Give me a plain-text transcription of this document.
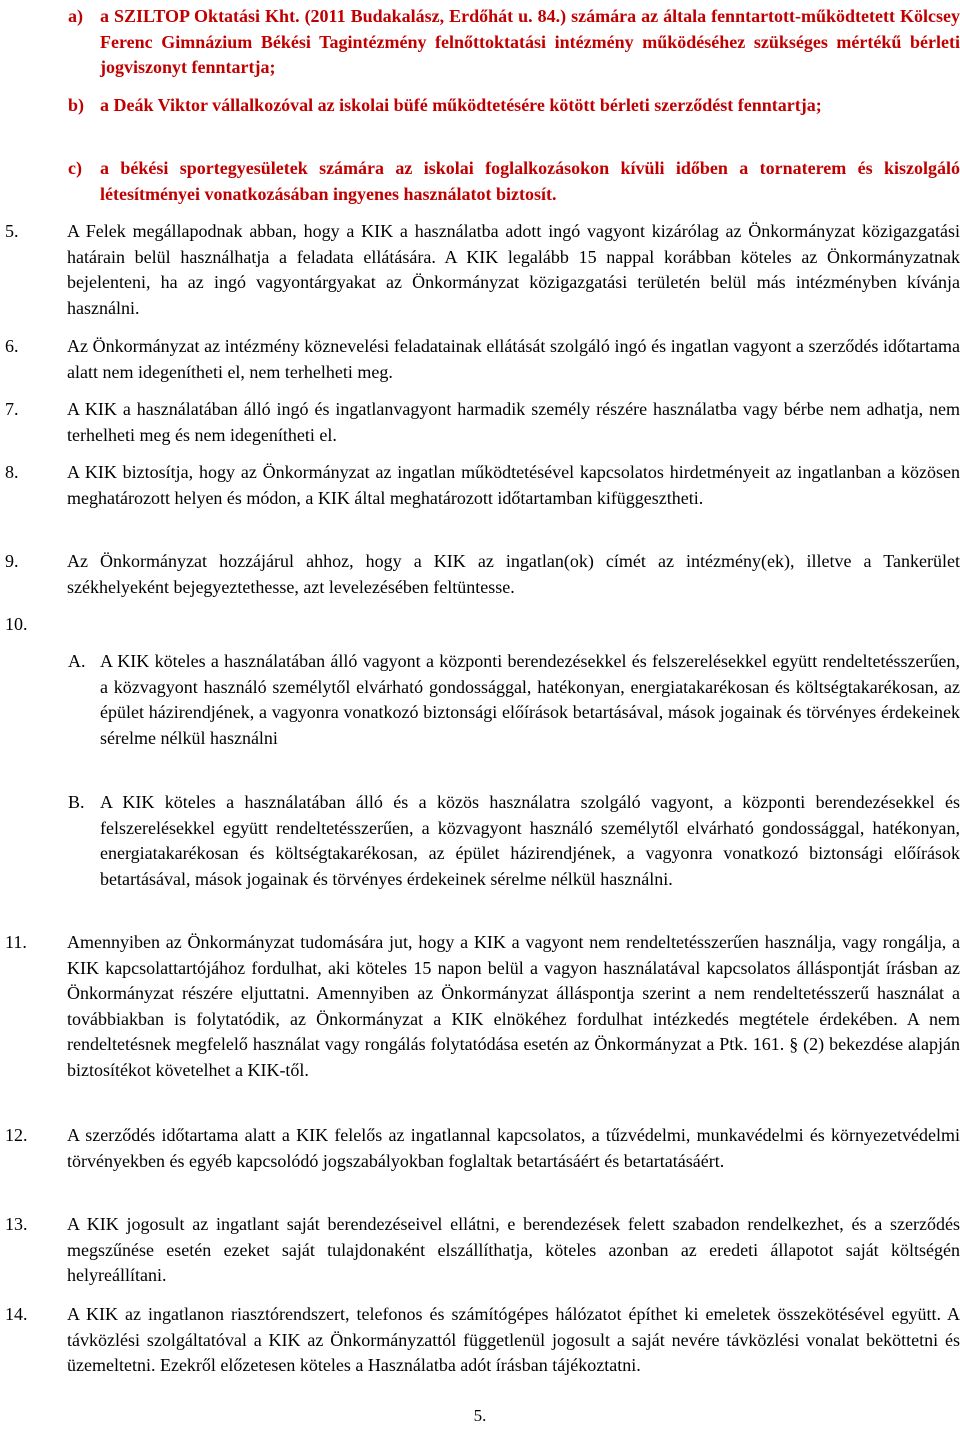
a) a SZILTOP Oktatási Kht. (2011 Budakalász, Erdőhát u. 84.) számára az általa fenntartott-működtetett Kölcsey Ferenc Gimnázium Békési Tagintézmény felnőttoktatási intézmény működéséhez szükséges mértékű bérleti jogviszonyt fenntartja;
b) a Deák Viktor vállalkozóval az iskolai büfé működtetésére kötött bérleti szerződést fenntartja;
c) a békési sportegyesületek számára az iskolai foglalkozásokon kívüli időben a tornaterem és kiszolgáló létesítményei vonatkozásában ingyenes használatot biztosít.
5.	A Felek megállapodnak abban, hogy a KIK a használatba adott ingó vagyont kizárólag az Önkormányzat közigazgatási határain belül használhatja a feladata ellátására. A KIK legalább 15 nappal korábban köteles az Önkormányzatnak bejelenteni, ha az ingó vagyontárgyakat az Önkormányzat közigazgatási területén belül más intézményben kívánja használni.
6.	Az Önkormányzat az intézmény köznevelési feladatainak ellátását szolgáló ingó és ingatlan vagyont a szerződés időtartama alatt nem idegenítheti el, nem terhelheti meg.
7.	A KIK a használatában álló ingó és ingatlanvagyont harmadik személy részére használatba vagy bérbe nem adhatja, nem terhelheti meg és nem idegenítheti el.
8.	A KIK biztosítja, hogy az Önkormányzat az ingatlan működtetésével kapcsolatos hirdetményeit az ingatlanban a közösen meghatározott helyen és módon, a KIK által meghatározott időtartamban kifüggesztheti.
9.	Az Önkormányzat hozzájárul ahhoz, hogy a KIK az ingatlan(ok) címét az intézmény(ek), illetve a Tankerület székhelyeként bejegyeztethesse, azt levelezésében feltüntesse.
10.
A. A KIK köteles a használatában álló vagyont a központi berendezésekkel és felszerelésekkel együtt rendeltetésszerűen, a közvagyont használó személytől elvárható gondossággal, hatékonyan, energiatakarékosan és költségtakarékosan, az épület házirendjének, a vagyonra vonatkozó biztonsági előírások betartásával, mások jogainak és törvényes érdekeinek sérelme nélkül használni
B. A KIK köteles a használatában álló és a közös használatra szolgáló vagyont, a központi berendezésekkel és felszerelésekkel együtt rendeltetésszerűen, a közvagyont használó személytől elvárható gondossággal, hatékonyan, energiatakarékosan és költségtakarékosan, az épület házirendjének, a vagyonra vonatkozó biztonsági előírások betartásával, mások jogainak és törvényes érdekeinek sérelme nélkül használni.
11. Amennyiben az Önkormányzat tudomására jut, hogy a KIK a vagyont nem rendeltetésszerűen használja, vagy rongálja, a KIK kapcsolattartójához fordulhat, aki köteles 15 napon belül a vagyon használatával kapcsolatos álláspontját írásban az Önkormányzat részére eljuttatni. Amennyiben az Önkormányzat álláspontja szerint a nem rendeltetésszerű használat a továbbiakban is folytatódik, az Önkormányzat a KIK elnökéhez fordulhat intézkedés megtétele érdekében. A nem rendeltetésnek megfelelő használat vagy rongálás folytatódása esetén az Önkormányzat a Ptk. 161. § (2) bekezdése alapján biztosítékot követelhet a KIK-től.
12. A szerződés időtartama alatt a KIK felelős az ingatlannal kapcsolatos, a tűzvédelmi, munkavédelmi és környezetvédelmi törvényekben és egyéb kapcsolódó jogszabályokban foglaltak betartásáért és betartatásáért.
13. A KIK jogosult az ingatlant saját berendezéseivel ellátni, e berendezések felett szabadon rendelkezhet, és a szerződés megszűnése esetén ezeket saját tulajdonaként elszállíthatja, köteles azonban az eredeti állapotot saját költségén helyreállítani.
14. A KIK az ingatlanon riasztórendszert, telefonos és számítógépes hálózatot építhet ki emeletek összekötésével együtt. A távközlési szolgáltatóval a KIK az Önkormányzattól függetlenül jogosult a saját nevére távközlési vonalat beköttetni és üzemeltetni. Ezekről előzetesen köteles a Használatba adót írásban tájékoztatni.
5.
